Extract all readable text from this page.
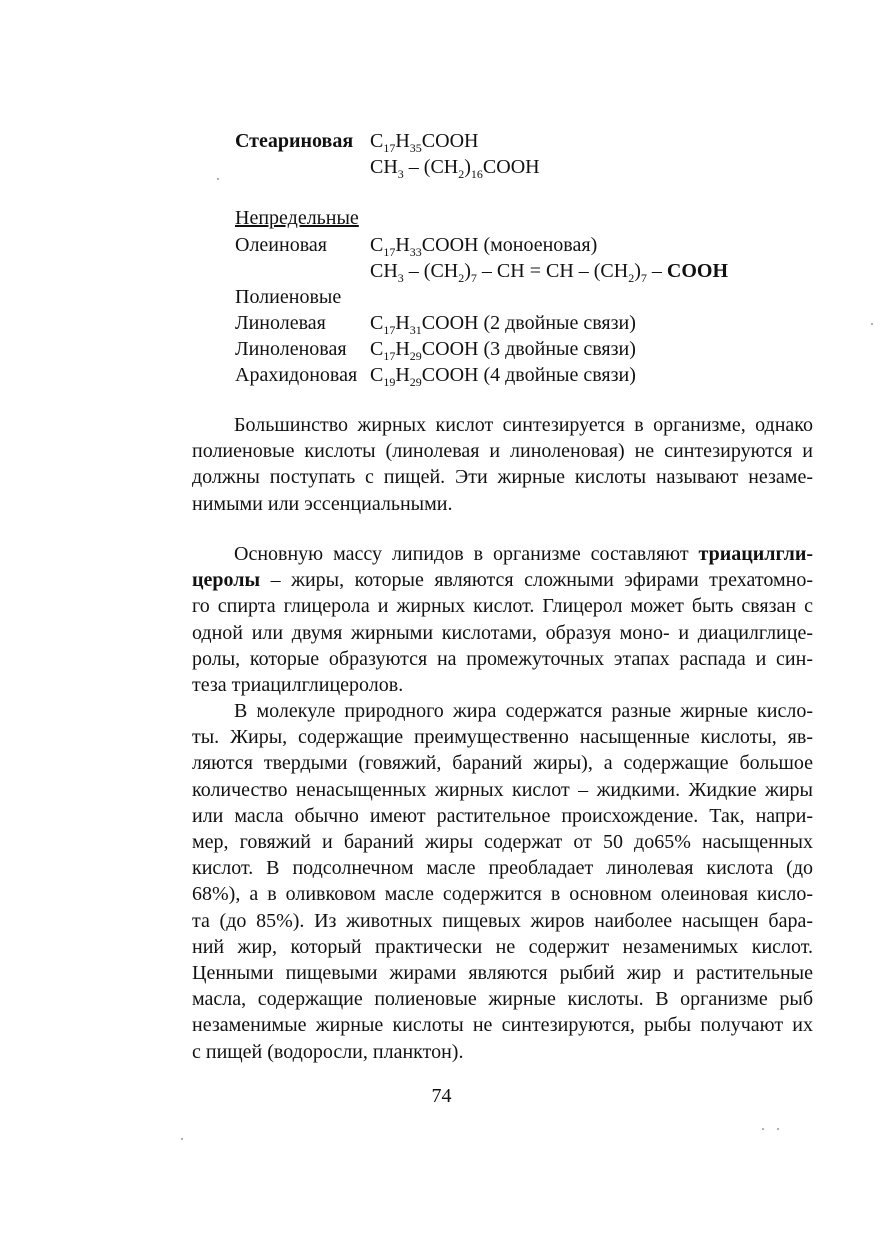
Стеариновая $C_{17}H_{35}COOH$
$CH_3$ – $(CH_2)_{16}COOH$
Непредельные
Олеиновая $C_{17}H_{33}COOH$ (моноеновая)
$CH_3 - (CH_2)_7$ – CH = CH – $(CH_2)_7$ – COOH
Полиеновые
Линолевая $C_{17}H_{31}COOH$ (2 двойные связи)
Линоленовая $C_{17}H_{29}COOH$ (3 двойные связи)
Арахидоновая $C_{19}H_{29}COOH$ (4 двойные связи)
Большинство жирных кислот синтезируется в организме, однако
полиеновые кислоты (линолевая и линоленовая) не синтезируются и
должны поступать с пищей. Эти жирные кислоты называют незаме-
нимыми или эссенциальными.
Основную массу липидов в организме составляют триацилгли-
церолы – жиры, которые являются сложными эфирами трехатомно-
го спирта глицерола и жирных кислот. Глицерол может быть связан с
одной или двумя жирными кислотами, образуя моно- и диацилглице-
ролы, которые образуются на промежуточных этапах распада и син-
теза триацилглицеролов.
В молекуле природного жира содержатся разные жирные кисло-
ты. Жиры, содержащие преимущественно насыщенные кислоты, яв-
ляются твердыми (говяжий, бараний жиры), а содержащие большое
количество ненасыщенных жирных кислот – жидкими. Жидкие жиры
или масла обычно имеют растительное происхождение. Так, напри-
мер, говяжий и бараний жиры содержат от 50 до65% насыщенных
кислот. В подсолнечном масле преобладает линолевая кислота (до
68%), а в оливковом масле содержится в основном олеиновая кисло-
та (до 85%). Из животных пищевых жиров наиболее насыщен бара-
ний жир, который практически не содержит незаменимых кислот.
Ценными пищевыми жирами являются рыбий жир и растительные
масла, содержащие полиеновые жирные кислоты. В организме рыб
незаменимые жирные кислоты не синтезируются, рыбы получают их
с пищей (водоросли, планктон).
74
